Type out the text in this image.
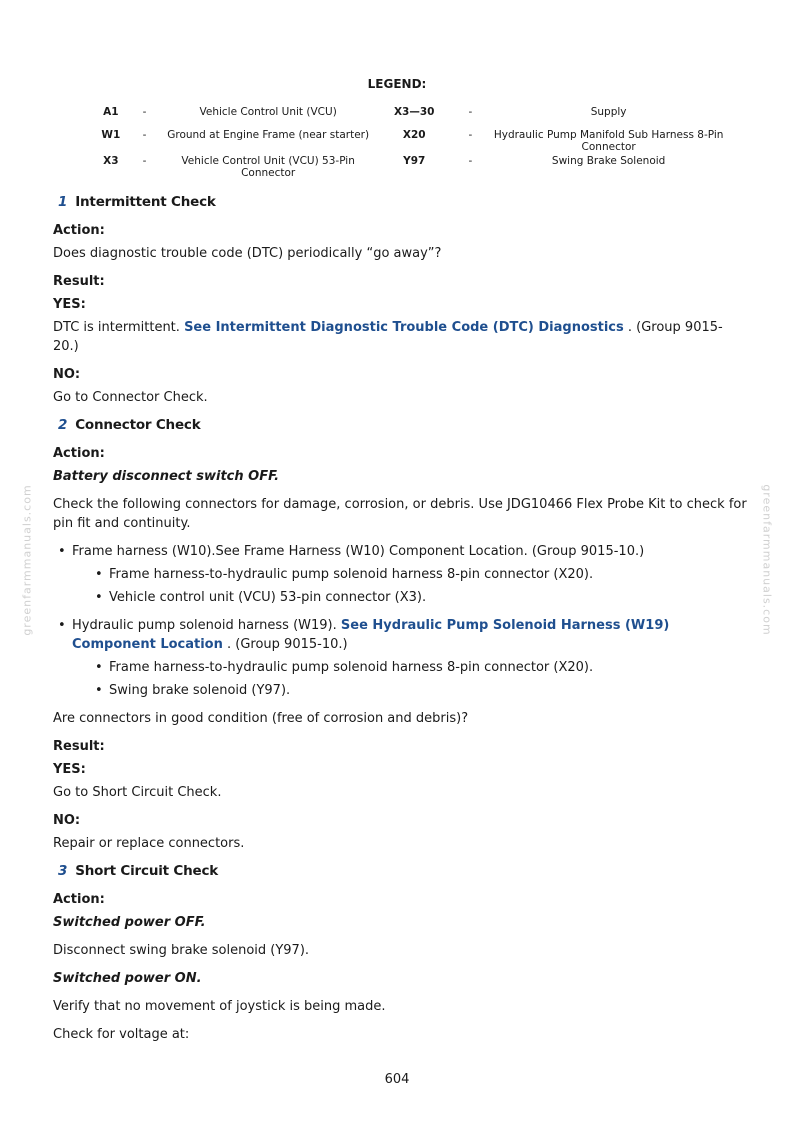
LEGEND:
A1	-	Vehicle Control Unit (VCU)	X3—30	-	Supply
W1	-	Ground at Engine Frame (near starter)	X20	-	Hydraulic Pump Manifold Sub Harness 8-Pin Connector
X3	-	Vehicle Control Unit (VCU) 53-Pin Connector	Y97	-	Swing Brake Solenoid
1 Intermittent Check
Action:
Does diagnostic trouble code (DTC) periodically “go away”?
Result:
YES:
DTC is intermittent. See Intermittent Diagnostic Trouble Code (DTC) Diagnostics . (Group 9015-20.)
NO:
Go to Connector Check.
2 Connector Check
Action:
Battery disconnect switch OFF.
Check the following connectors for damage, corrosion, or debris. Use JDG10466 Flex Probe Kit to check for pin fit and continuity.
• Frame harness (W10).See Frame Harness (W10) Component Location. (Group 9015-10.)
• Frame harness-to-hydraulic pump solenoid harness 8-pin connector (X20).
• Vehicle control unit (VCU) 53-pin connector (X3).
• Hydraulic pump solenoid harness (W19). See Hydraulic Pump Solenoid Harness (W19) Component Location . (Group 9015-10.)
• Frame harness-to-hydraulic pump solenoid harness 8-pin connector (X20).
• Swing brake solenoid (Y97).
Are connectors in good condition (free of corrosion and debris)?
Result:
YES:
Go to Short Circuit Check.
NO:
Repair or replace connectors.
3 Short Circuit Check
Action:
Switched power OFF.
Disconnect swing brake solenoid (Y97).
Switched power ON.
Verify that no movement of joystick is being made.
Check for voltage at:
greenfarmmanuals.com	greenfarmmanuals.com
604
